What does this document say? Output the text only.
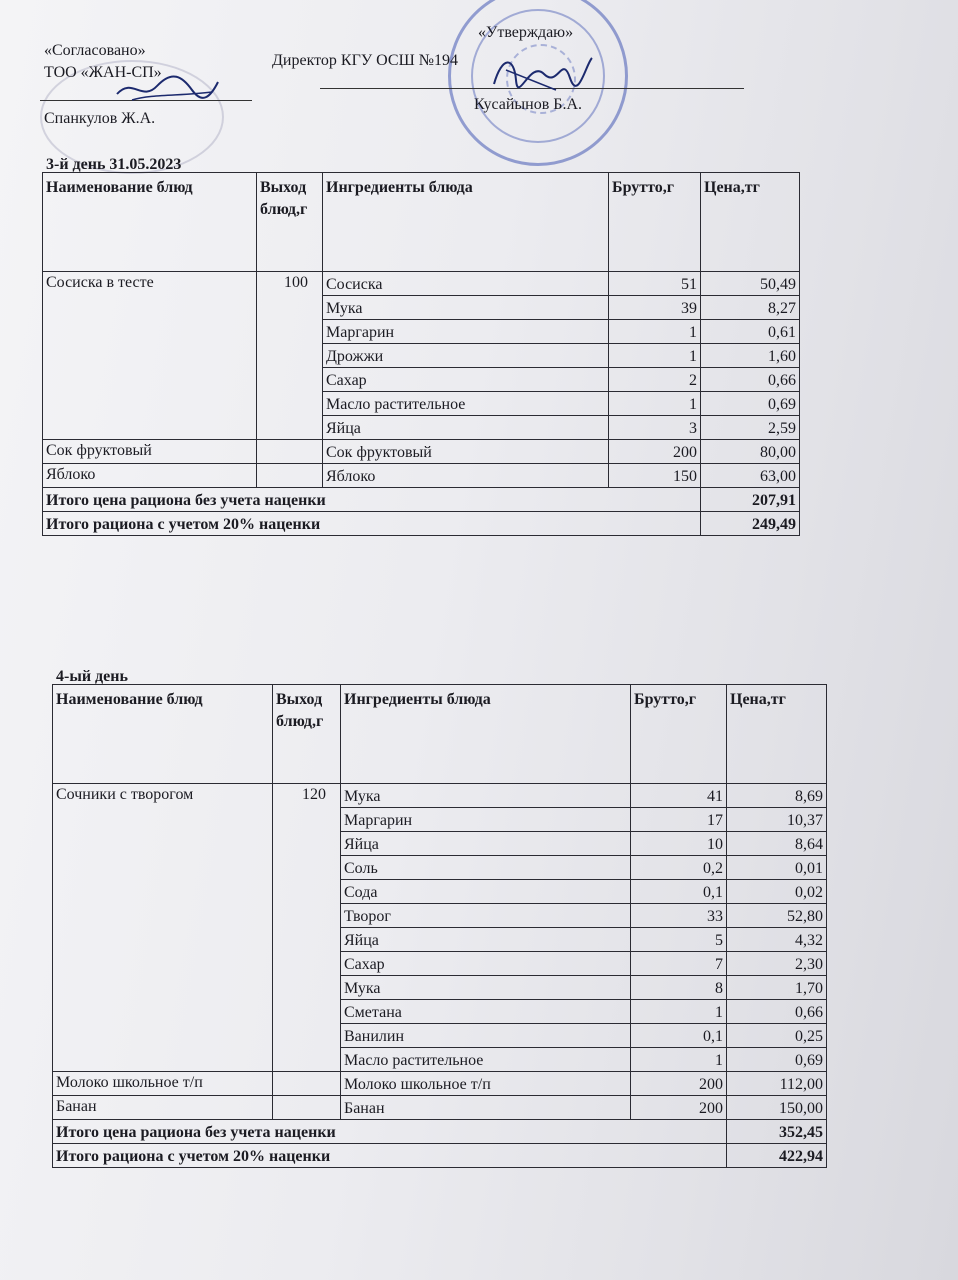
«Согласовано»
ТОО «ЖАН-СП»
Спанкулов Ж.А.
«Утверждаю»
Директор КГУ ОСШ №194
Кусайынов Б.А.
3-й день 31.05.2023
Наименование блюд	Выход блюд,г	Ингредиенты блюда	Брутто,г	Цена,тг
Сосиска в тесте	100	Сосиска	51	50,49
		Мука	39	8,27
		Маргарин	1	0,61
		Дрожжи	1	1,60
		Сахар	2	0,66
		Масло растительное	1	0,69
		Яйца	3	2,59
Сок фруктовый		Сок фруктовый	200	80,00
Яблоко		Яблоко	150	63,00
Итого цена рациона без учета наценки				207,91
Итого рациона с учетом 20% наценки				249,49
4-ый день
Наименование блюд	Выход блюд,г	Ингредиенты блюда	Брутто,г	Цена,тг
Сочники с творогом	120	Мука	41	8,69
		Маргарин	17	10,37
		Яйца	10	8,64
		Соль	0,2	0,01
		Сода	0,1	0,02
		Творог	33	52,80
		Яйца	5	4,32
		Сахар	7	2,30
		Мука	8	1,70
		Сметана	1	0,66
		Ванилин	0,1	0,25
		Масло растительное	1	0,69
Молоко школьное т/п		Молоко школьное т/п	200	112,00
Банан		Банан	200	150,00
Итого цена рациона без учета наценки				352,45
Итого рациона с учетом 20% наценки				422,94
